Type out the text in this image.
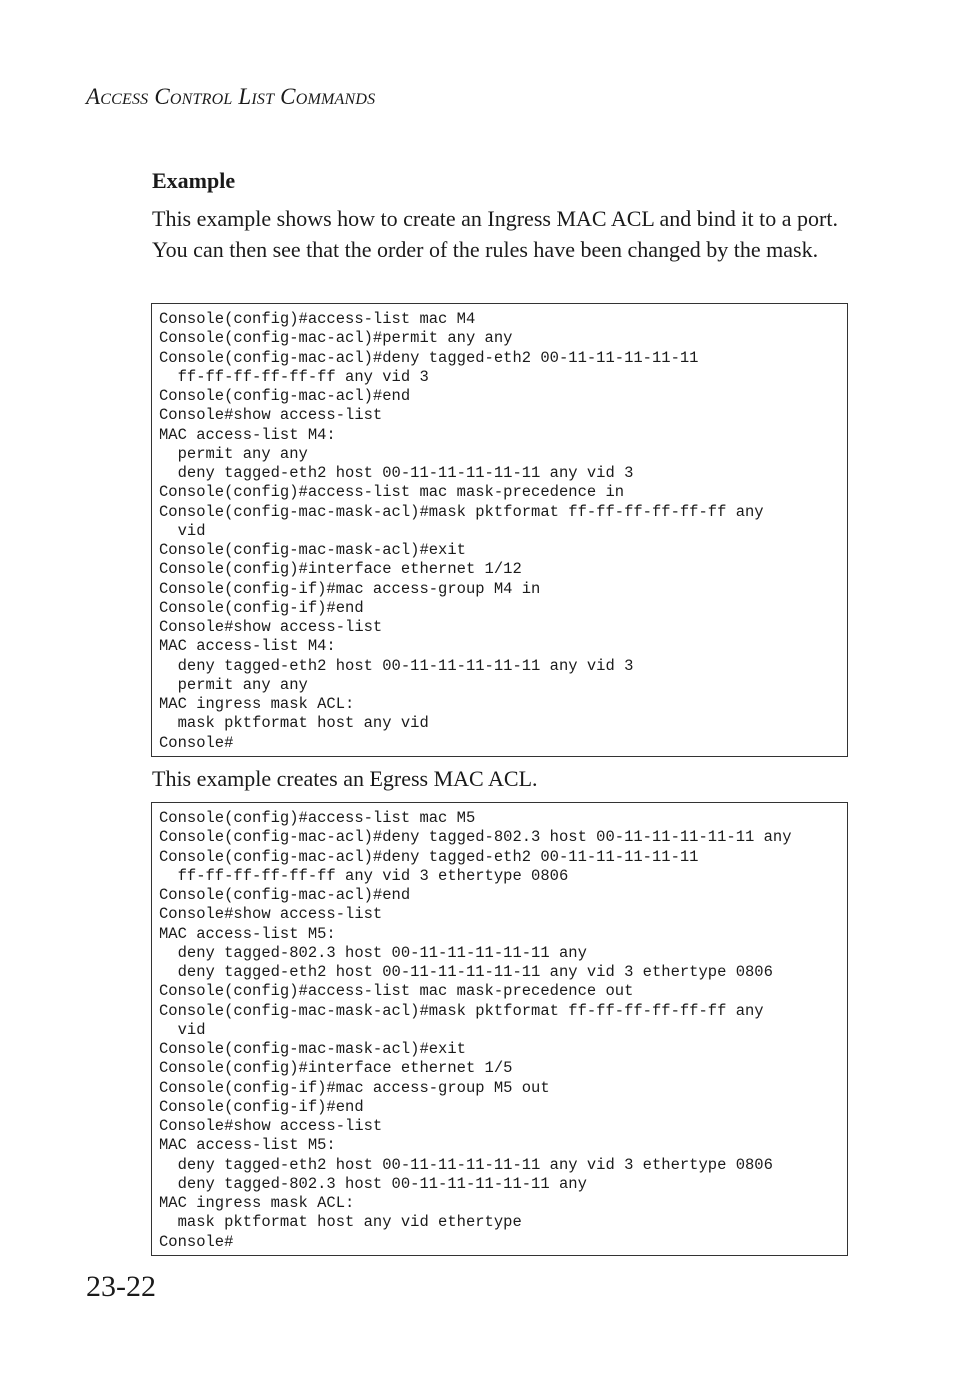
ACCESS CONTROL LIST COMMANDS
Example

This example shows how to create an Ingress MAC ACL and bind it to a port. You can then see that the order of the rules have been changed by the mask.

Console(config)#access-list mac M4
Console(config-mac-acl)#permit any any
Console(config-mac-acl)#deny tagged-eth2 00-11-11-11-11-11
ff-ff-ff-ff-ff-ff any vid 3
Console(config-mac-acl)#end
Console#show access-list
MAC access-list M4:
permit any any
deny tagged-eth2 host 00-11-11-11-11-11 any vid 3
Console(config)#access-list mac mask-precedence in
Console(config-mac-mask-acl)#mask pktformat ff-ff-ff-ff-ff-ff any
vid
Console(config-mac-mask-acl)#exit
Console(config)#interface ethernet 1/12
Console(config-if)#mac access-group M4 in
Console(config-if)#end
Console#show access-list
MAC access-list M4:
deny tagged-eth2 host 00-11-11-11-11-11 any vid 3
permit any any
MAC ingress mask ACL:
mask pktformat host any vid
Console#

This example creates an Egress MAC ACL.

Console(config)#access-list mac M5
Console(config-mac-acl)#deny tagged-802.3 host 00-11-11-11-11-11 any
Console(config-mac-acl)#deny tagged-eth2 00-11-11-11-11-11
ff-ff-ff-ff-ff-ff any vid 3 ethertype 0806
Console(config-mac-acl)#end
Console#show access-list
MAC access-list M5:
deny tagged-802.3 host 00-11-11-11-11-11 any
deny tagged-eth2 host 00-11-11-11-11-11 any vid 3 ethertype 0806
Console(config)#access-list mac mask-precedence out
Console(config-mac-mask-acl)#mask pktformat ff-ff-ff-ff-ff-ff any
vid
Console(config-mac-mask-acl)#exit
Console(config)#interface ethernet 1/5
Console(config-if)#mac access-group M5 out
Console(config-if)#end
Console#show access-list
MAC access-list M5:
deny tagged-eth2 host 00-11-11-11-11-11 any vid 3 ethertype 0806
deny tagged-802.3 host 00-11-11-11-11-11 any
MAC ingress mask ACL:
mask pktformat host any vid ethertype
Console#
23-22
